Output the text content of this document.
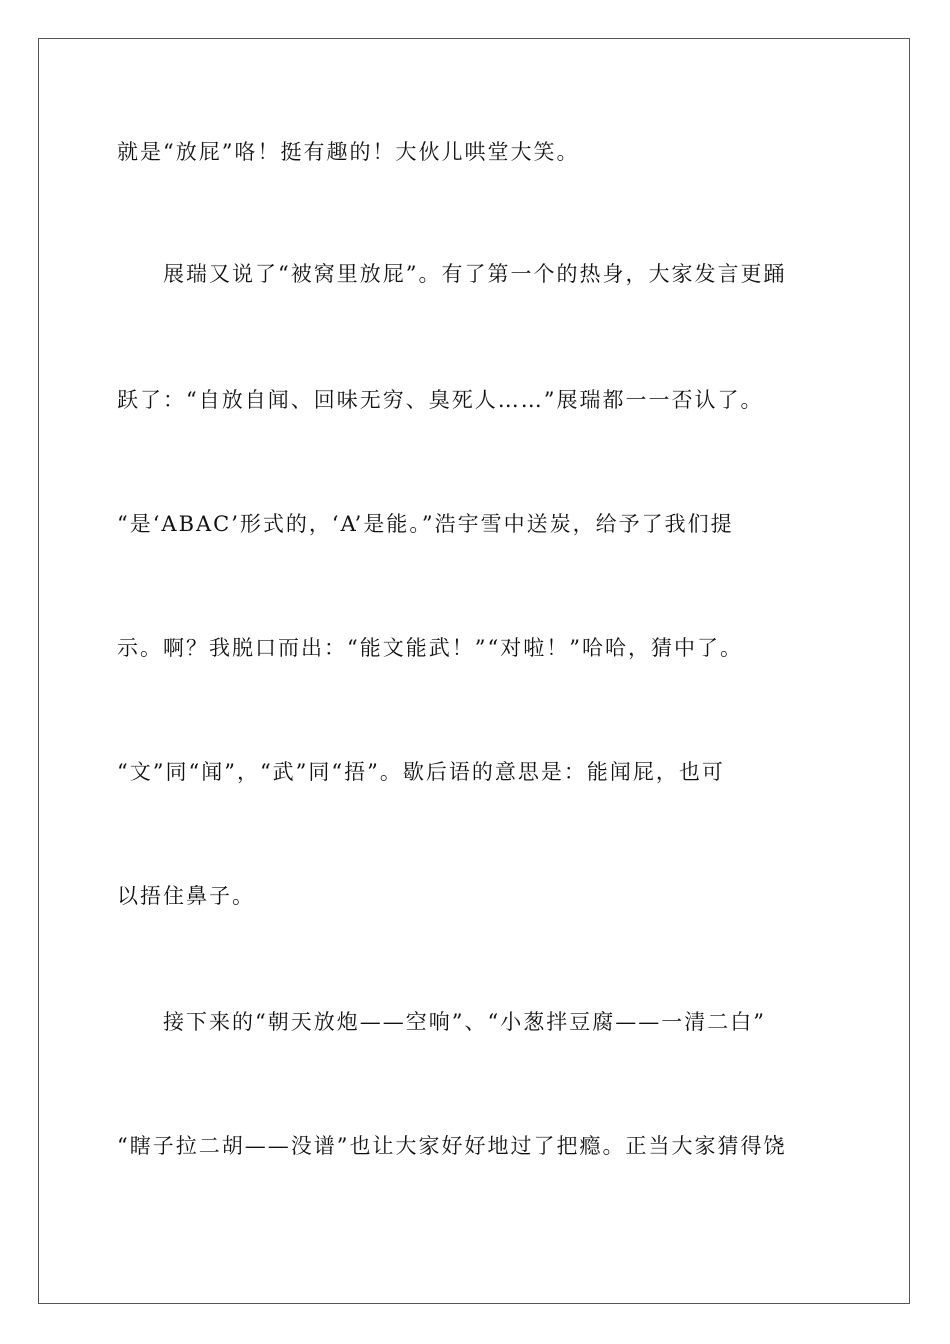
就是“放屁”咯！挺有趣的！大伙儿哄堂大笑。
展瑞又说了“被窝里放屁”。有了第一个的热身，大家发言更踊
跃了：“自放自闻、回味无穷、臭死人……”展瑞都一一否认了。
“是‘ABAC’形式的，‘A’是能。”浩宇雪中送炭，给予了我们提
示。啊？我脱口而出：“能文能武！”“对啦！”哈哈，猜中了。
“文”同“闻”，“武”同“捂”。歇后语的意思是：能闻屁，也可
以捂住鼻子。
接下来的“朝天放炮——空响”、“小葱拌豆腐——一清二白”
“瞎子拉二胡——没谱”也让大家好好地过了把瘾。正当大家猜得饶
